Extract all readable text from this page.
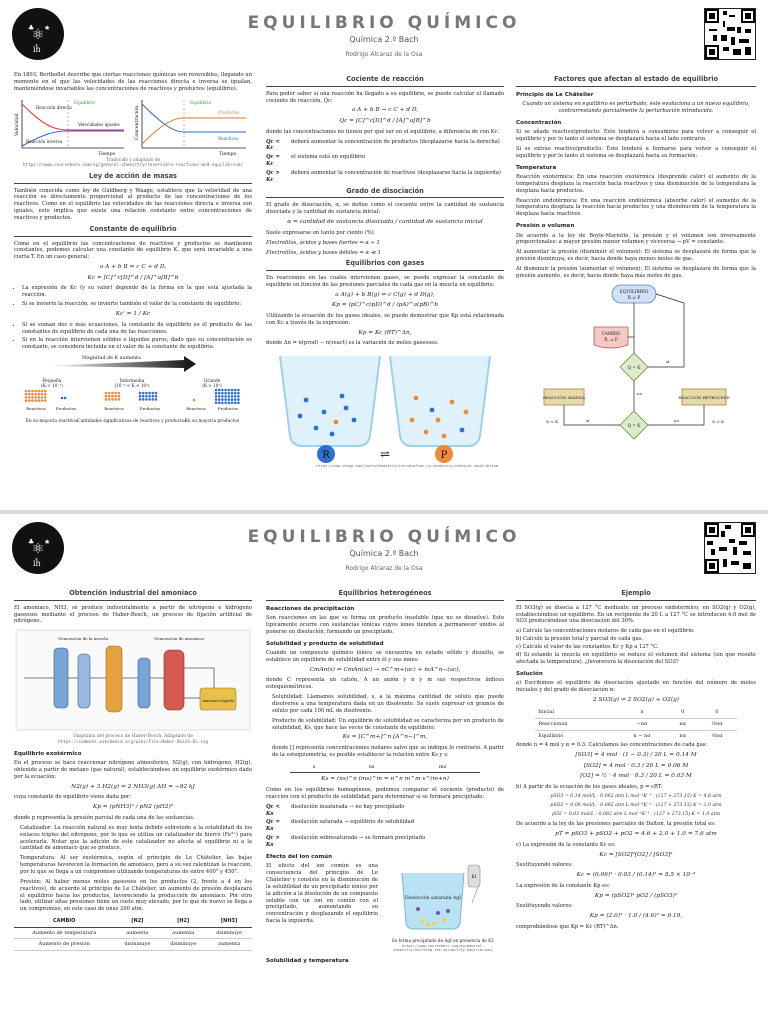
⚛
♣ ★
iĥ
EQUILIBRIO QUÍMICO
Química 2.º Bach
Rodrigo Alcaraz de la Osa

En 1803, Berthollet describe que ciertas reacciones químicas son reversibles, llegando un momento en el que las velocidades de las reacciones directa e inversa se igualan, manteniéndose invariables las concentraciones de reactivos y productos (equilibrio).

Velocidad
Tiempo
Reacción directa
Velocidades iguales
Reacción inversa
Equilibrio
Concentración
Tiempo
Productos
Reactivos
Equilibrio
Traducido y adaptado de
https://www.coursehero.com/sg/general-chemistry/reversible-reactions-and-equilibrium/
Ley de acción de masas

También conocida como ley de Guldberg y Waage, establece que la velocidad de una reacción es directamente proporcional al producto de las concentraciones de los reactivos. Como en el equilibrio las velocidades de las reacciones directa e inversa son iguales, esto implica que existe una relación constante entre concentraciones de reactivos y productos.

Constante de equilibrio

Como en el equilibrio las concentraciones de reactivos y productos se mantienen constantes, podemos calcular una constante de equilibrio K, que será invariable a una cierta T. En un caso general:

a A + b B ⇌ c C + d D,
Kc = [C]^c[D]^d / [A]^a[B]^b
• La expresión de Kc (y su valor) depende de la forma en la que está ajustada la reacción.
• Si se invierte la reacción, se invierte también el valor de la constante de equilibrio:
Kc' = 1 / Kc
• Si se suman dos o más ecuaciones, la constante de equilibrio es el producto de las constantes de equilibrio de cada una de las reacciones.
• Si en la reacción intervienen sólidos o líquidos puros, dado que su concentración es constante, se considera incluida en el valor de la constante de equilibrio.
Magnitud de K aumenta
Pequeña
(K < 10⁻³)
Intermedia
(10⁻³ < K < 10³)
Grande
(K > 10³)
Reactivos Productos	Reactivos	Productos	Reactivos	Productos
En su mayoría reactivos Cantidades significativas de reactivos y productos
En su mayoría productos
Cociente de reacción

Para poder saber si una reacción ha llegado a su equilibrio, se puede calcular el llamado cociente de reacción, Qc:

a A + b B → c C + d D,
Qc = [C]^c[D]^d / [A]^a[B]^b

donde las concentraciones no tienen por qué ser en el equilibrio, a diferencia de con Kc.

Qc < Kc
deberá aumentar la concentración de productos (desplazarse hacia la derecha)
Qc = Kc
el sistema está en equilibrio
Qc > Kc
deberá aumentar la concentración de reactivos (desplazarse hacia la izquierda)
Grado de disociación

El grado de disociación, α, se define como el cociente entre la cantidad de sustancia disociada y la cantidad de sustancia inicial:

α = cantidad de sustancia disociada / cantidad de sustancia inicial

Suele expresarse en tanto por ciento (%).

Electrolitos, ácidos y bases fuertes ⇒ α ≈ 1

Electrolitos, ácidos y bases débiles ⇒ α ≪ 1

Equilibrios con gases

En reacciones en las cuales intervienen gases, se puede expresar la constante de equilibrio en función de las presiones parciales de cada gas en la mezcla en equilibrio:

a A(g) + b B(g) ⇌ c C(g) + d D(g),
Kp = (pC)^c(pD)^d / (pA)^a(pB)^b

Utilizando la ecuación de los gases ideales, se puede demostrar que Kp está relacionada con Kc a través de la expresión:

Kp = Kc (RT)^Δn,

donde Δn = n(prod) − n(react) es la variación de moles gaseosos.

R	⇌	P
https://www.chegg.com/learn/chemistry/introduction-to-chemistry/chemical-equilibrium
Factores que afectan al estado de equilibrio
Principio de Le Châtelier

Cuando un sistema en equilibrio es perturbado, éste evoluciona a un nuevo equilibrio, contrarrestando parcialmente la perturbación introducida.

Concentración

Si se añade reactivo/producto: Éste tenderá a consumirse para volver a conseguir el equilibrio y por lo tanto el sistema se desplazará hacia el lado contrario.

Si se extrae reactivo/producto: Éste tenderá a formarse para volver a conseguir el equilibrio y por lo tanto el sistema se desplazará hacia su formación.

Temperatura

Reacción exotérmica: En una reacción exotérmica (desprende calor) el aumento de la temperatura desplaza la reacción hacia reactivos y una disminución de la temperatura la desplaza hacia productos.

Reacción endotérmica: En una reacción endotérmica (absorbe calor) el aumento de la temperatura desplaza la reacción hacia productos y una disminución de la temperatura la desplaza hacia reactivos.

Presión o volumen

De acuerdo a la ley de Boyle-Mariotte, la presión y el volumen son inversamente proporcionales: a mayor presión menor volumen y viceversa → pV = constante.

Al aumentar la presión (disminuir el volumen): El sistema se desplazará de forma que la presión disminuya, es decir, hacia donde haya menos moles de gas.

Al disminuir la presión (aumentar el volumen): El sistema se desplazará de forma que la presión aumente, es decir, hacia donde haya más moles de gas.

EQUILIBRIO
R ⇌ P
CAMBIO
R, ⇌ P
Q = K
sí
no
Q = K
REACCIÓN AVANZA	REACCIÓN RETROCEDE
sí	no
Q < K	Q > K
⚛
♣ ★
iĥ
EQUILIBRIO QUÍMICO
Química 2.º Bach
Rodrigo Alcaraz de la Osa
Obtención industrial del amoniaco

El amoniaco, NH3, se produce industrialmente a partir de nitrógeno e hidrógeno gaseosos mediante el proceso de Haber-Bosch, un proceso de fijación artificial de nitrógeno.

Generación de la mezcla	Generación de amoniaco
Amoniaco líquido
Diagrama del proceso de Haber-Bosch. Adaptado de
https://commons.wikimedia.org/wiki/File:Haber-Bosch-En.svg
Equilibrio exotérmico

En el proceso se hace reaccionar nitrógeno atmosférico, N2(g), con hidrógeno, H2(g), obtenido a partir de metano (gas natural), estableciéndose un equilibrio exotérmico dado por la ecuación:

N2(g) + 3 H2(g) ⇌ 2 NH3(g) ΔH = −92 kJ

cuya constante de equilibrio viene dada por:

Kp = (pNH3)² / pN2 (pH2)³

donde p representa la presión parcial de cada una de las sustancias.

Catalizador: La reacción natural es muy lenta debido sobretodo a la estabilidad de los enlaces triples del nitrógeno, por lo que se utiliza un catalizador de hierro (Fe³⁺) para acelerarla. Notar que la adición de este catalizador no afecta al equilibrio ni a la cantidad de amoniaco que se produce.

Temperatura: Al ser exotérmica, según el principio de Le Châtelier, las bajas temperaturas favorecen la formación de amoniaco, pero a su vez ralentizan la reacción, por lo que se llega a un compromiso utilizando temperaturas de entre 400° y 450°.

Presión: Al haber menos moles gaseosos en los productos (2, frente a 4 en los reactivos), de acuerdo al principio de Le Châtelier, un aumento de presión desplazará el equilibrio hacia los productos, favoreciendo la producción de amoniaco. Por otro lado, utilizar altas presiones tiene un coste muy elevado, por lo que de nuevo se llega a un compromiso, en este caso de unas 200 atm.

CAMBIO	[N2]	[H2]	[NH3]
Aumento de temperatura	aumenta	aumenta	disminuye
Aumento de presión	disminuye	disminuye	aumenta
Equilibrios heterogéneos
Reacciones de precipitación

Son reacciones en las que se forma un producto insoluble (que no se disuelve). Esto típicamente ocurre con sustancias iónicas cuyos iones tienden a permanecer unidos al ponerse en disolución, formando un precipitado.

Solubilidad y producto de solubilidad

Cuando un compuesto químico iónico se encuentra en estado sólido y disuelto, se establece un equilibrio de solubilidad entre él y sus iones:

CmAn(s) ⇌ CmAn(ac) → nC^m+(ac) + mA^n−(ac),

donde C representa un catión, A un anión y n y m sus respectivos índices estequiométricos.

Solubilidad: Llamamos solubilidad, s, a la máxima cantidad de soluto que puede disolverse a una temperatura dada en un disolvente. Se suele expresar en gramos de soluto por cada 100 mL de disolvente.

Producto de solubilidad: Un equilibrio de solubilidad se caracteriza por un producto de solubilidad, Ks, que hace las veces de constante de equilibrio:

Ks = [C^m+]^n [A^n−]^m,

donde [] representa concentraciones molares salvo que se indique lo contrario. A partir de la estequiometría, es posible establecer la relación entre Ks y s:

s	ns	ms
Ks = (ns)^n (ms)^m = n^n m^m s^(m+n)

Como en los equilibrios homogéneos, podemos comparar el cociente (producto) de reacción con el producto de solubilidad para determinar si se formará precipitado:

Qc < Ks
disolución insaturada → no hay precipitado
Qc = Ks
disolución saturada → equilibrio de solubilidad
Qc > Ks
disolución sobresaturada → se formará precipitado
Efecto del ion común

El efecto del ion común es una consecuencia del principio de Le Châtelier y consiste en la disminución de la solubilidad de un precipitado iónico por la adición a la disolución de un compuesto soluble con un ion en común con el precipitado, aumentando su concentración y desplazando el equilibrio hacia la izquierda.

Disolución saturada AgI
KI
Se forma precipitado de AgI en presencia de KI.
https://www.coursehero.com/sg/general-chemistry/shifting-the-solubility-equilibrium/
Solubilidad y temperatura
Ejemplo

El SO3(g) se disocia a 127 °C mediante un proceso endotérmico, en SO2(g) y O2(g), estableciéndose un equilibrio. En un recipiente de 20 L a 127 °C se introducen 4.0 mol de SO3 produciéndose una disociación del 30%.

a) Calcule las concentraciones molares de cada gas en el equilibrio.

b) Calcule la presión total y parcial de cada gas.

c) Calcule el valor de las constantes Kc y Kp a 127 °C.

d) Si estando la mezcla en equilibrio se reduce el volumen del sistema (sin que resulte afectada la temperatura), ¿favorecerá la disociación del SO3?

Solución

a) Escribimos el equilibrio de disociación ajustado en función del número de moles iniciales y del grado de disociación α:

2 SO3(g) ⇌ 2 SO2(g) + O2(g)
Inicial	n	0	0
Reaccionan	−nα	nα	½nα
Equilibrio	n − nα	nα	½nα

donde n = 4 mol y α = 0.3. Calculamos las concentraciones de cada gas:

[SO3] = 4 mol · (1 − 0.3) / 20 L = 0.14 M
[SO2] = 4 mol · 0.3 / 20 L = 0.06 M
[O2] = ½ · 4 mol · 0.3 / 20 L = 0.03 M

b) A partir de la ecuación de los gases ideales, p = cRT:

pSO3 = 0.14 mol/L · 0.082 atm L mol⁻¹K⁻¹ · (127 + 273.15) K = 4.6 atm
pSO2 = 0.06 mol/L · 0.082 atm L mol⁻¹K⁻¹ · (127 + 273.15) K = 2.0 atm
pO2 = 0.03 mol/L · 0.082 atm L mol⁻¹K⁻¹ · (127 + 273.15) K = 1.0 atm

De acuerdo a la ley de las presiones parciales de Dalton, la presión total es:

pT = pSO3 + pSO2 + pO2 = 4.6 + 2.0 + 1.0 = 7.6 atm

c) La expresión de la constante Kc es:

Kc = [SO2]²[O2] / [SO3]²

Sustituyendo valores:

Kc = (0.06)² · 0.03 / (0.14)² = 5.5 × 10⁻³

La expresión de la constante Kp es:

Kp = (pSO2)² pO2 / (pSO3)²

Sustituyendo valores:

Kp = (2.0)² · 1.0 / (4.6)² = 0.19,

comprobándose que Kp = Kc (RT)^Δn.
